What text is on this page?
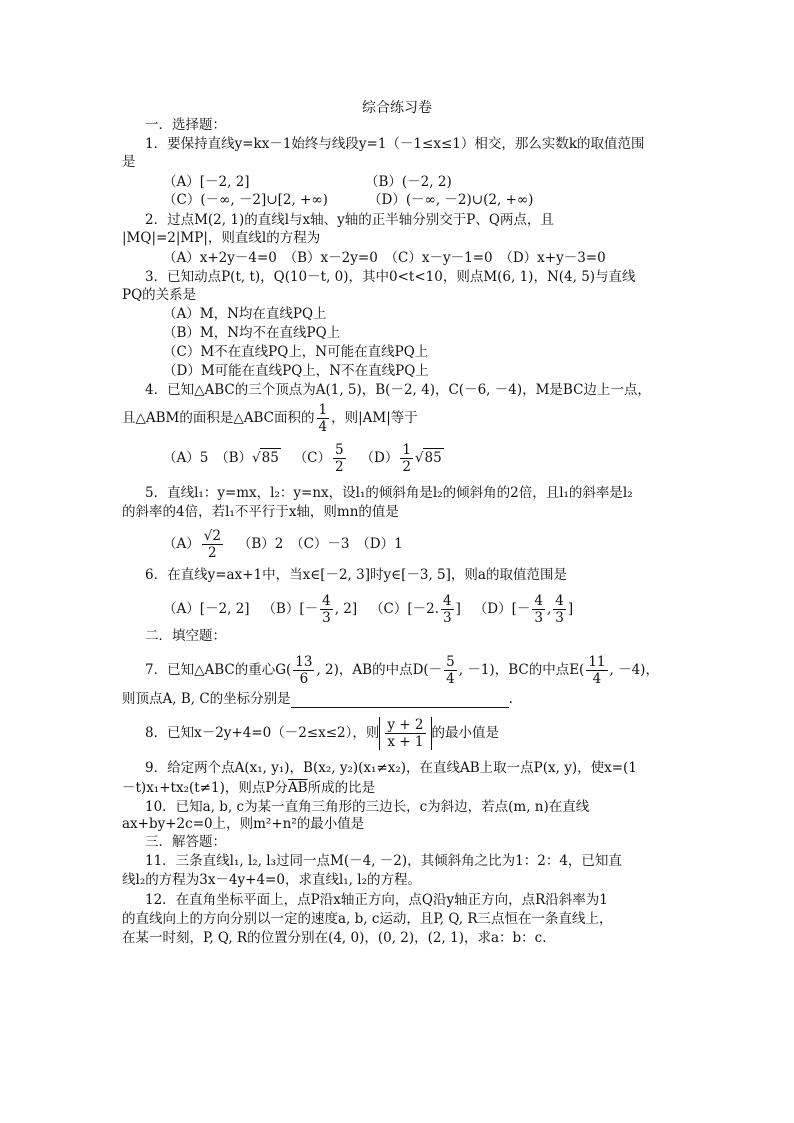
综合练习卷
一．选择题：
1．要保持直线y=kx－1始终与线段y=1（－1≤x≤1）相交，那么实数k的取值范围
是
（A）[－2, 2]	（B）(－2, 2)
（C）(－∞, －2]∪[2, +∞)	（D）(－∞, －2)∪(2, +∞)
2．过点M(2, 1)的直线l与x轴、y轴的正半轴分别交于P、Q两点，且
|MQ|=2|MP|，则直线l的方程为
（A）x+2y－4=0　（B）x－2y=0　（C）x－y－1=0　（D）x+y－3=0
3．已知动点P(t, t)，Q(10－t, 0)，其中0<t<10，则点M(6, 1)，N(4, 5)与直线
PQ的关系是
（A）M，N均在直线PQ上
（B）M，N均不在直线PQ上
（C）M不在直线PQ上，N可能在直线PQ上
（D）M可能在直线PQ上，N不在直线PQ上
4．已知△ABC的三个顶点为A(1, 5)，B(－2, 4)，C(－6, －4)，M是BC边上一点，
且△ABM的面积是△ABC面积的 $\frac{1}{4}$ ，则|AM|等于
（A）5　（B）√85 $(C) \frac{5}{2} (D) \frac{1}{2} √85$
5．直线l₁：y=mx，l₂：y=nx，设l₁的倾斜角是l₂的倾斜角的2倍，且l₁的斜率是l₂
的斜率的4倍，若l₁不平行于x轴，则mn的值是
$(A) \frac{√2}{2} (B)2$　（C）－3　（D）1
6．在直线y=ax+1中，当x∈[－2, 3]时y∈[－3, 5]，则a的取值范围是
（A）[－2, 2] $(B)[- \frac{4}{3}$ , 2] （C）[－2. $\frac{4}{3}$ ] $(D)[- \frac{4}{3}$ , $\frac{4}{3}$ ]
二．填空题：
7．已知△ABC的重心$G( \frac{13}{6}$ , 2)，AB的中点$D(- \frac{5}{4}$ , －1)，BC的中点$E( \frac{11}{4}$ , －4)，
则顶点A, B, C的坐标分别是	.
8．已知x－2y+4=0（－2≤x≤2），则 $\frac{y + 2}{x + 1}$ 的最小值是
9．给定两个点A(x₁, y₁)，B(x₂, y₂)(x₁≠x₂)，在直线AB上取一点P(x, y)，使x=(1
－t)x₁+tx₂(t≠1)，则点P分$\overline{AB}$所成的比是
10．已知a, b, c为某一直角三角形的三边长，c为斜边，若点(m, n)在直线
ax+by+2c=0上，则m²+n²的最小值是
三．解答题：
11．三条直线l₁, l₂, l₃过同一点M(－4, －2)，其倾斜角之比为1：2：4，已知直
线l₂的方程为3x－4y+4=0，求直线l₁, l₂的方程。
12．在直角坐标平面上，点P沿x轴正方向，点Q沿y轴正方向，点R沿斜率为1
的直线向上的方向分别以一定的速度a, b, c运动，且P, Q, R三点恒在一条直线上，
在某一时刻，P, Q, R的位置分别在(4, 0)，(0, 2)，(2, 1)，求a：b：c.
